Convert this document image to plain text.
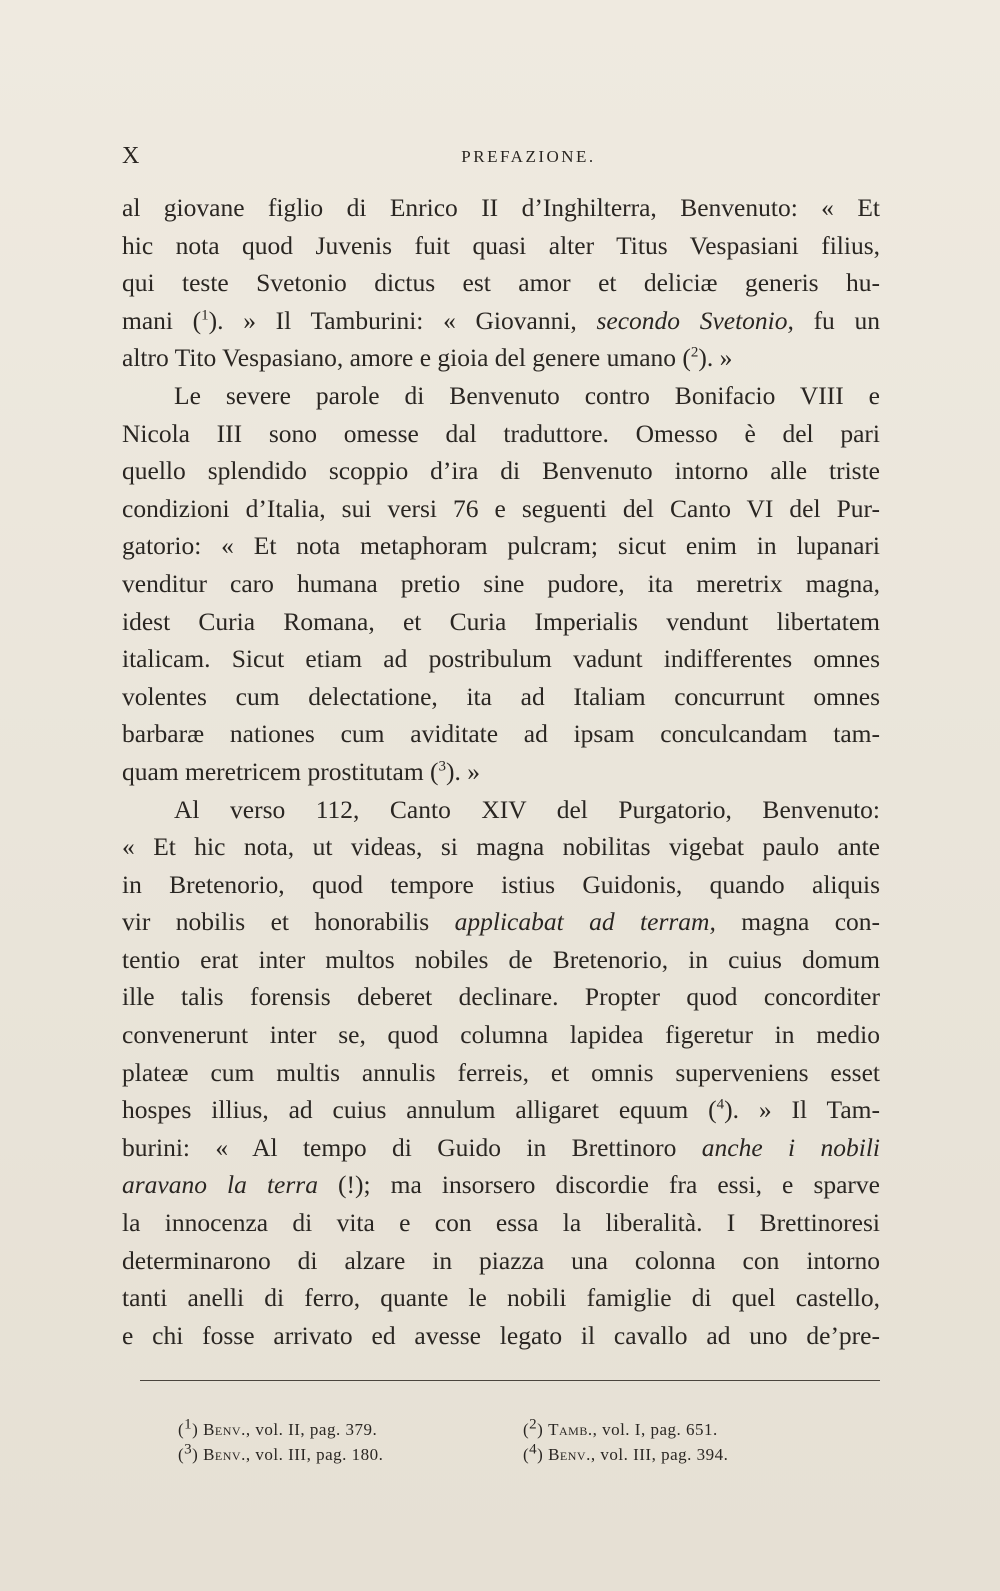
X	PREFAZIONE.
al giovane figlio di Enrico II d’Inghilterra, Benvenuto: « Et
hic nota quod Juvenis fuit quasi alter Titus Vespasiani filius,
qui teste Svetonio dictus est amor et deliciæ generis hu-
mani ($^1$). » Il Tamburini: « Giovanni, secondo Svetonio, fu un
altro Tito Vespasiano, amore e gioia del genere umano ($^2$). »
Le severe parole di Benvenuto contro Bonifacio VIII e
Nicola III sono omesse dal traduttore. Omesso è del pari
quello splendido scoppio d’ira di Benvenuto intorno alle triste
condizioni d’Italia, sui versi 76 e seguenti del Canto VI del Pur-
gatorio: « Et nota metaphoram pulcram; sicut enim in lupanari
venditur caro humana pretio sine pudore, ita meretrix magna,
idest Curia Romana, et Curia Imperialis vendunt libertatem
italicam. Sicut etiam ad postribulum vadunt indifferentes omnes
volentes cum delectatione, ita ad Italiam concurrunt omnes
barbaræ nationes cum aviditate ad ipsam conculcandam tam-
quam meretricem prostitutam ($^3$). »
Al verso 112, Canto XIV del Purgatorio, Benvenuto:
« Et hic nota, ut videas, si magna nobilitas vigebat paulo ante
in Bretenorio, quod tempore istius Guidonis, quando aliquis
vir nobilis et honorabilis applicabat ad terram, magna con-
tentio erat inter multos nobiles de Bretenorio, in cuius domum
ille talis forensis deberet declinare. Propter quod concorditer
convenerunt inter se, quod columna lapidea figeretur in medio
plateæ cum multis annulis ferreis, et omnis superveniens esset
hospes illius, ad cuius annulum alligaret equum ($^4$). » Il Tam-
burini: « Al tempo di Guido in Brettinoro anche i nobili
aravano la terra (!); ma insorsero discordie fra essi, e sparve
la innocenza di vita e con essa la liberalità. I Brettinoresi
determinarono di alzare in piazza una colonna con intorno
tanti anelli di ferro, quante le nobili famiglie di quel castello,
e chi fosse arrivato ed avesse legato il cavallo ad uno de’pre-
($^1$) Benv., vol. II, pag. 379.	($^2$) Tamb., vol. I, pag. 651.
($^3$) Benv., vol. III, pag. 180.	($^4$) Benv., vol. III, pag. 394.
